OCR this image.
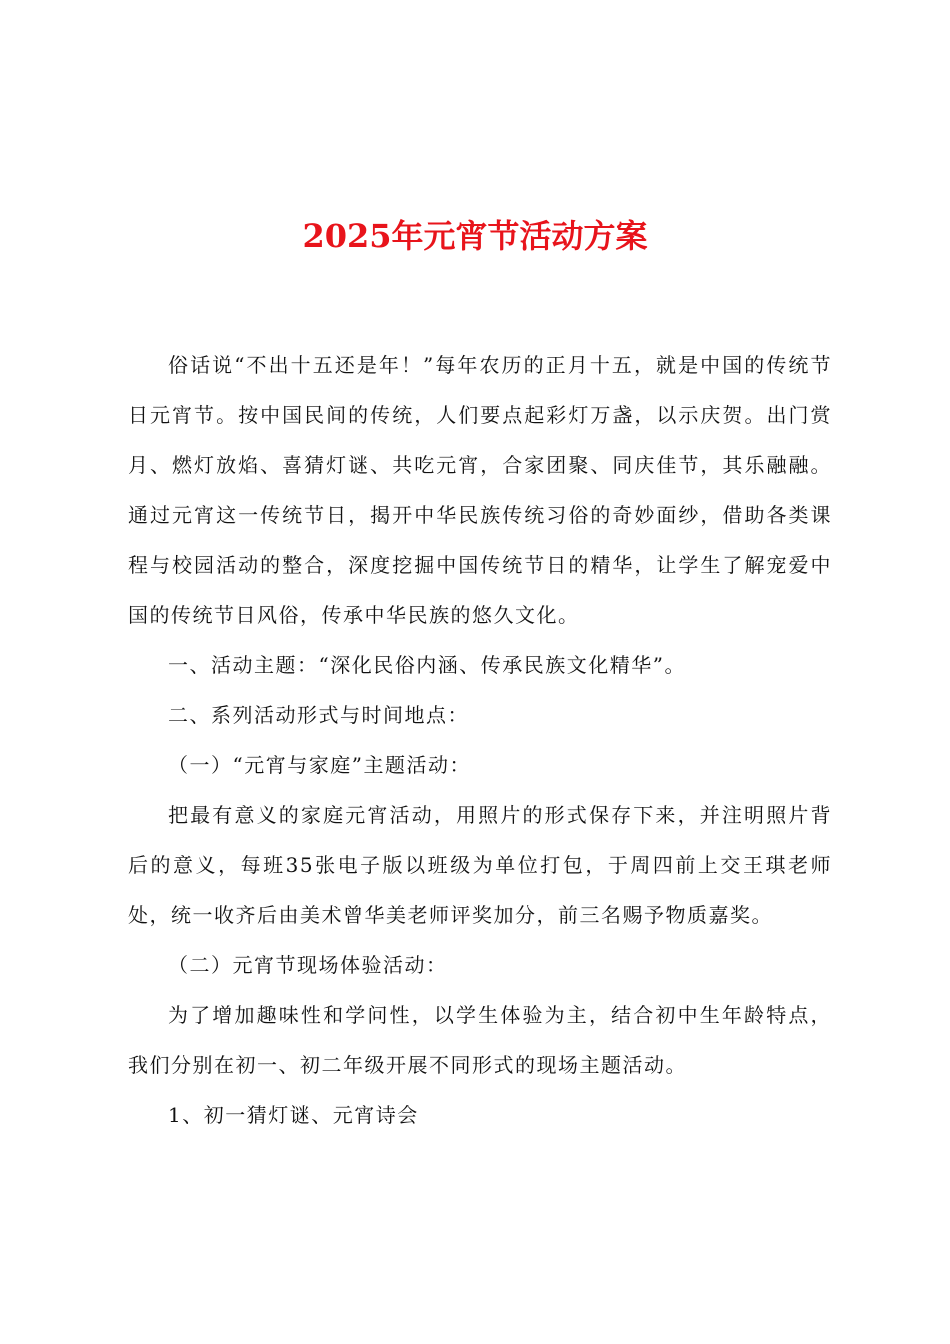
2025年元宵节活动方案

俗话说“不出十五还是年！”每年农历的正月十五，就是中国的传统节日元宵节。按中国民间的传统，人们要点起彩灯万盏，以示庆贺。出门赏月、燃灯放焰、喜猜灯谜、共吃元宵，合家团聚、同庆佳节，其乐融融。通过元宵这一传统节日，揭开中华民族传统习俗的奇妙面纱，借助各类课程与校园活动的整合，深度挖掘中国传统节日的精华，让学生了解宠爱中国的传统节日风俗，传承中华民族的悠久文化。

一、活动主题：“深化民俗内涵、传承民族文化精华”。

二、系列活动形式与时间地点：

（一）“元宵与家庭”主题活动：

把最有意义的家庭元宵活动，用照片的形式保存下来，并注明照片背后的意义，每班35张电子版以班级为单位打包，于周四前上交王琪老师处，统一收齐后由美术曾华美老师评奖加分，前三名赐予物质嘉奖。

（二）元宵节现场体验活动：

为了增加趣味性和学问性，以学生体验为主，结合初中生年龄特点，我们分别在初一、初二年级开展不同形式的现场主题活动。

1、初一猜灯谜、元宵诗会
